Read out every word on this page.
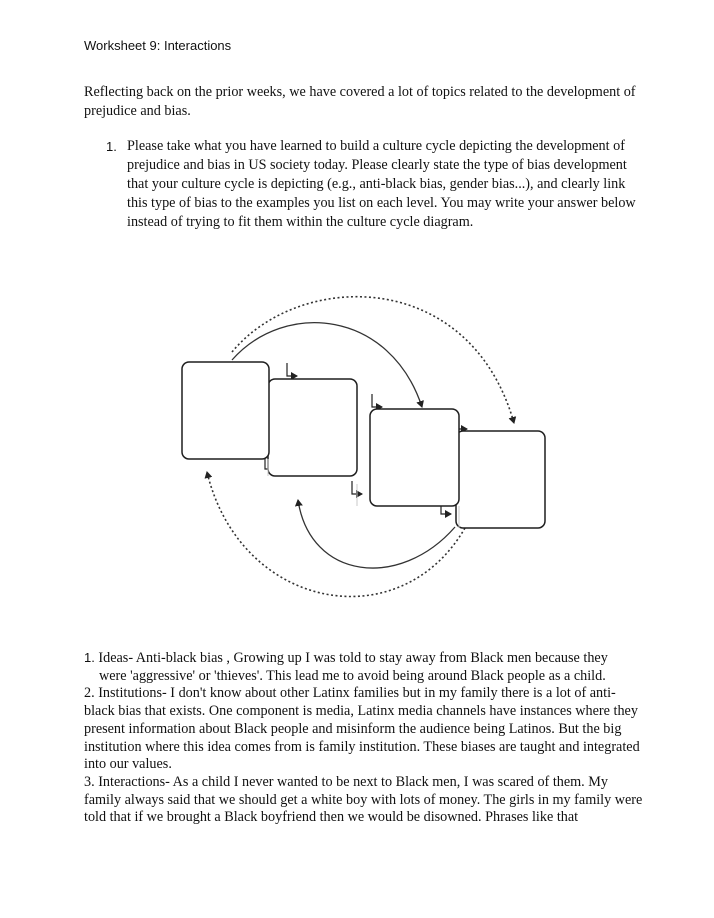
Worksheet 9: Interactions

Reflecting back on the prior weeks, we have covered a lot of topics related to the development of prejudice and bias.

1. Please take what you have learned to build a culture cycle depicting the development of prejudice and bias in US society today. Please clearly state the type of bias development that your culture cycle is depicting (e.g., anti-black bias, gender bias...), and clearly link this type of bias to the examples you list on each level. You may write your answer below instead of trying to fit them within the culture cycle diagram.
1. Ideas- Anti-black bias , Growing up I was told to stay away from Black men because they
were 'aggressive' or 'thieves'. This lead me to avoid being around Black people as a child.

2. Institutions- I don't know about other Latinx families but in my family there is a lot of anti-black bias that exists. One component is media, Latinx media channels have instances where they present information about Black people and misinform the audience being Latinos. But the big institution where this idea comes from is family institution. These biases are taught and integrated into our values.

3. Interactions- As a child I never wanted to be next to Black men, I was scared of them. My family always said that we should get a white boy with lots of money. The girls in my family were told that if we brought a Black boyfriend then we would be disowned. Phrases like that
